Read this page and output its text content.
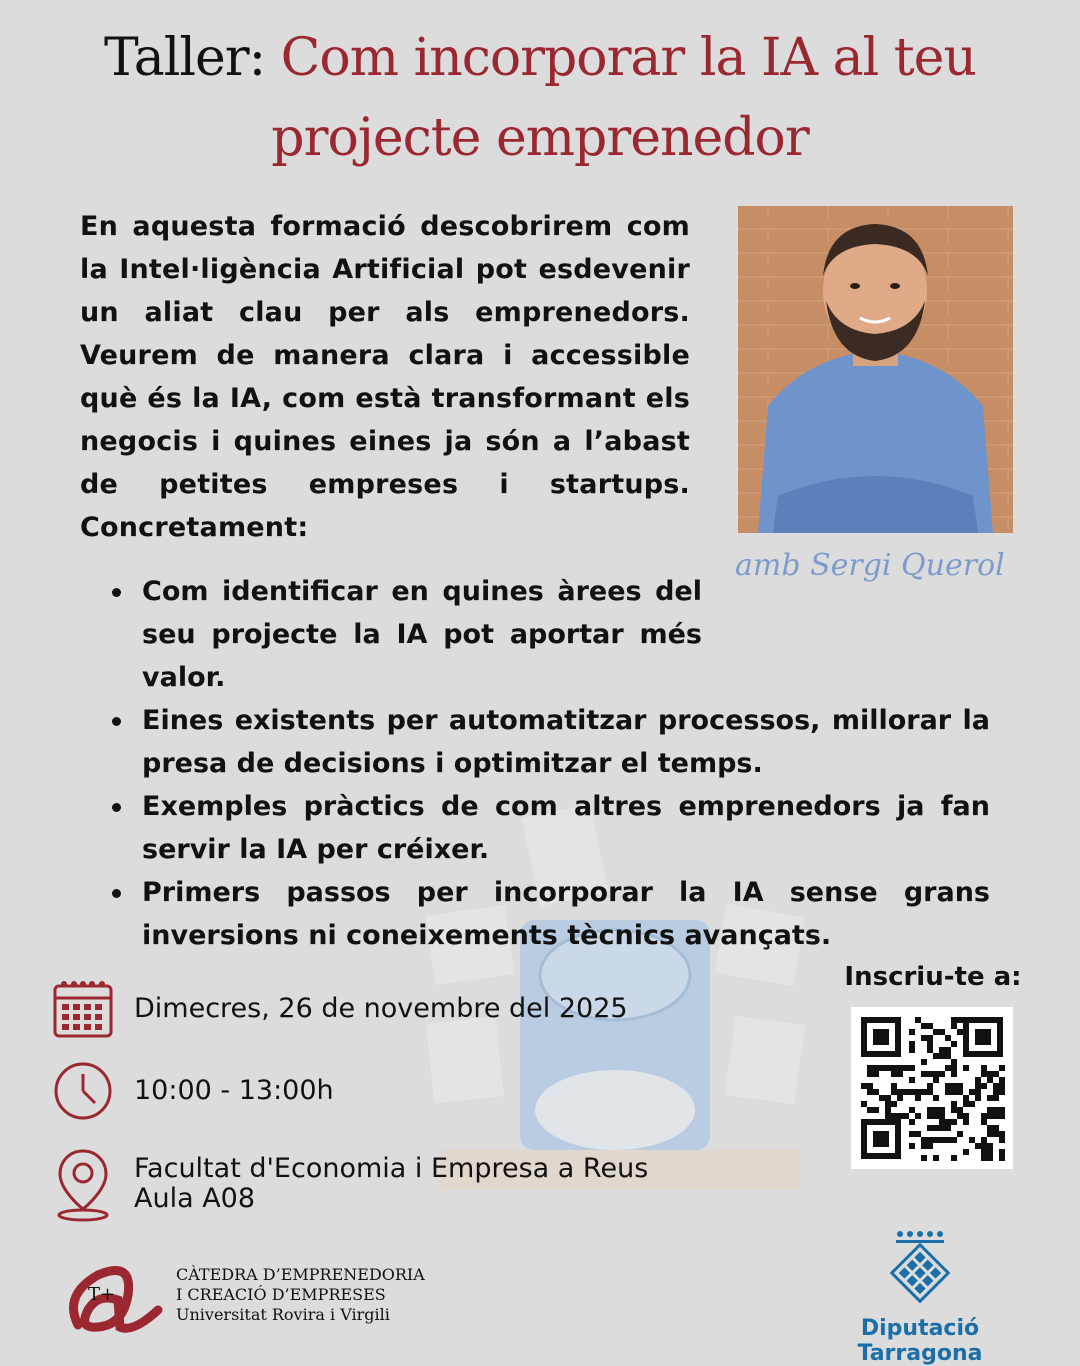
Taller: Com incorporar la IA al teu
projecte emprenedor
En aquesta formació descobrirem com la Intel·ligència Artificial pot esdevenir un aliat clau per als emprenedors. Veurem de manera clara i accessible què és la IA, com està transformant els negocis i quines eines ja són a l’abast de petites empreses i startups. Concretament:
amb Sergi Querol
Com identificar en quines àrees del seu projecte la IA pot aportar més valor.
Eines existents per automatitzar processos, millorar la presa de decisions i optimitzar el temps.
Exemples pràctics de com altres emprenedors ja fan servir la IA per créixer.
Primers passos per incorporar la IA sense grans inversions ni coneixements tècnics avançats.
Dimecres, 26 de novembre del 2025
10:00 - 13:00h
Facultat d'Economia i Empresa a Reus
Aula A08
Inscriu-te a:
T+
CÀTEDRA D’EMPRENEDORIA
I CREACIÓ D’EMPRESES
Universitat Rovira i Virgili
Diputació Tarragona
